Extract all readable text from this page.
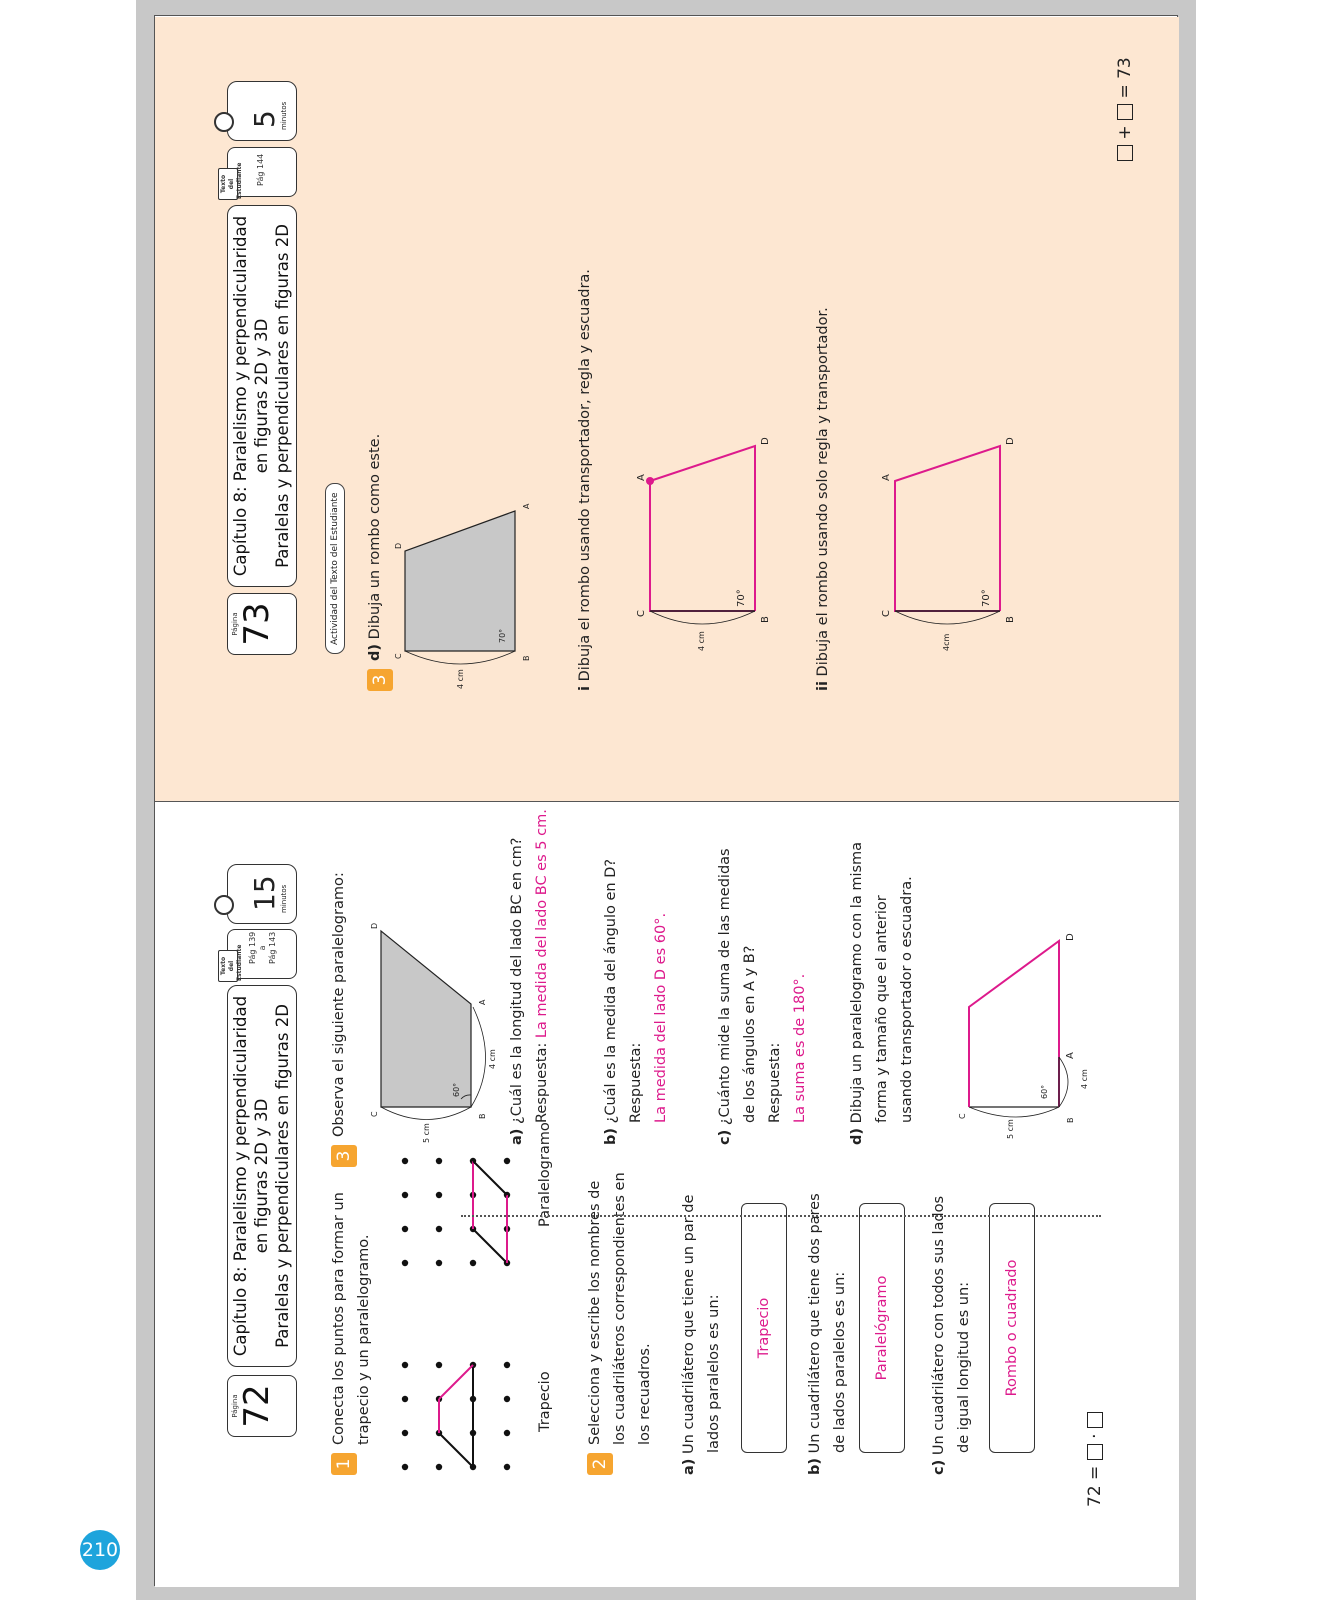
210
Página
72
Capítulo 8: Paralelismo y perpendicularidad en figuras 2D y 3D Paralelas y perpendiculares en figuras 2D
Texto del Estudiante Pág 139 a Pág 143
15 minutos
1
Conecta los puntos para formar un trapecio y un paralelogramo.	Trapecio
Paralelogramo
2
Selecciona y escribe los nombres de los cuadriláteros correspondientes en los recuadros.
a) Un cuadrilátero que tiene un par de lados paralelos es un:	Trapecio
b) Un cuadrilátero que tiene dos pares de lados paralelos es un:	Paralelógramo
c) Un cuadrilátero con todos sus lados de igual longitud es un:	Rombo o cuadrado
72 =  ·
3
Observa el siguiente paralelogramo:	B
C
A
D
4 cm
5 cm
60°
a) ¿Cuál es la longitud del lado BC en cm? Respuesta: La medida del lado BC es 5 cm.
b) ¿Cuál es la medida del ángulo en D? Respuesta: La medida del lado D es 60°.
c) ¿Cuánto mide la suma de las medidas de los ángulos en A y B? Respuesta: La suma es de 180°.
d) Dibuja un paralelogramo con la misma forma y tamaño que el anterior usando transportador o escuadra.	B
C
A
D
5 cm
4 cm
60°
Página
73
Capítulo 8: Paralelismo y perpendicularidad en figuras 2D y 3D Paralelas y perpendiculares en figuras 2D
Texto del Estudiante Pág 144
5 minutos
Actividad del Texto del Estudiante
3
d) Dibuja un rombo como este.
B
C
A
D
4 cm
70°
i Dibuja el rombo usando transportador, regla y escuadra.	B
C
A
D
4 cm
70°
ii Dibuja el rombo usando solo regla y transportador.	B
C
A
D
4cm
70°
+  = 73
